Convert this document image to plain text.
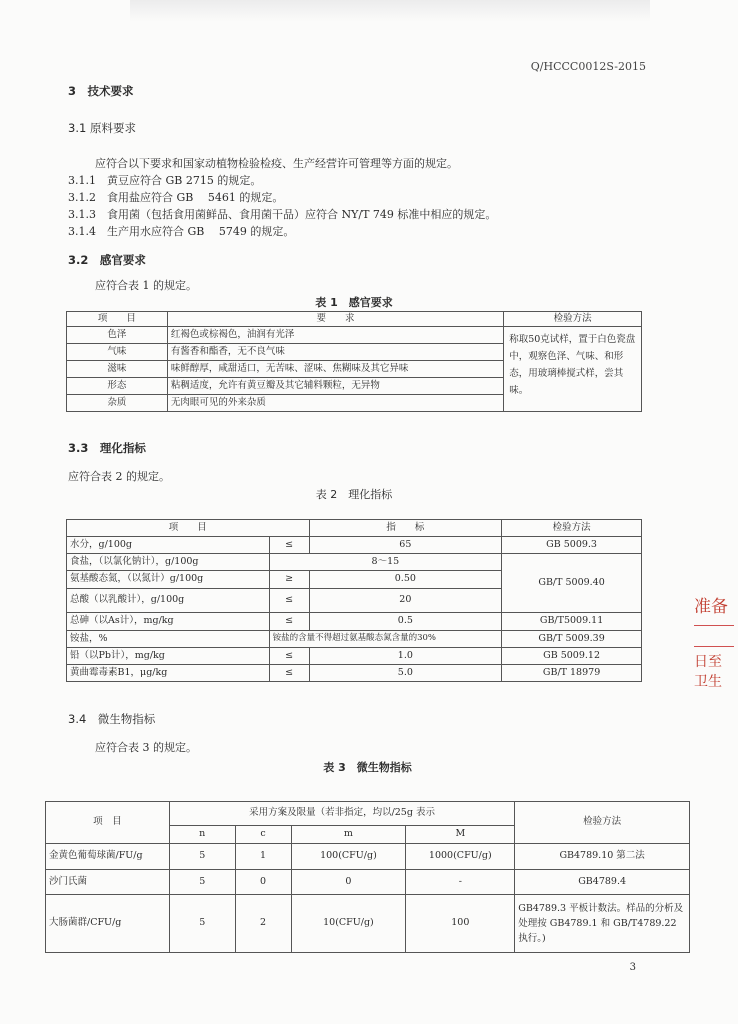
Q/HCCC0012S-2015
3　技术要求
3.1 原料要求
应符合以下要求和国家动植物检验检疫、生产经营许可管理等方面的规定。
3.1.1　黄豆应符合 GB 2715 的规定。
3.1.2　食用盐应符合 GB　 5461 的规定。
3.1.3　食用菌（包括食用菌鲜品、食用菌干品）应符合 NY/T 749 标准中相应的规定。
3.1.4　生产用水应符合 GB　 5749 的规定。
3.2　感官要求
应符合表 1 的规定。
表 1　感官要求
项　　目	要　　求	检验方法
色泽	红褐色或棕褐色，油润有光泽	称取50克试样，置于白色瓷盘中，观察色泽、气味、和形态，用玻璃棒搅式样，尝其味。
气味	有酱香和酯香，无不良气味	
滋味	味鲜醇厚，咸甜适口，无苦味、涩味、焦糊味及其它异味	
形态	粘稠适度，允许有黄豆瓣及其它辅料颗粒，无异物	
杂质	无肉眼可见的外来杂质	
3.3　理化指标
应符合表 2 的规定。
表 2　理化指标
项　　目		指　　标	检验方法
水分，g/100g	≤	65	GB 5009.3
食盐，（以氯化钠计），g/100g	8～15		GB/T 5009.40
氨基酸态氮，（以氮计）g/100g	≥	0.50	
总酸（以乳酸计），g/100g	≤	20	
总砷（以As计），mg/kg	≤	0.5	GB/T5009.11
铵盐，%	铵盐的含量不得超过氨基酸态氮含量的30%		GB/T 5009.39
铅（以Pb计），mg/kg	≤	1.0	GB 5009.12
黄曲霉毒素B1，μg/kg	≤	5.0	GB/T 18979
3.4　微生物指标
应符合表 3 的规定。
表 3　微生物指标
项　目	采用方案及限量（若非指定，均以/25g 表示				检验方法
	n	c	m	M	
金黄色葡萄球菌/FU/g	5	1	100(CFU/g)	1000(CFU/g)	GB4789.10 第二法
沙门氏菌	5	0	0	-	GB4789.4
大肠菌群/CFU/g	5	2	10(CFU/g)	100	GB4789.3 平板计数法。样品的分析及处理按 GB4789.1 和 GB/T4789.22 执行。)
准备
日至
卫生
3
